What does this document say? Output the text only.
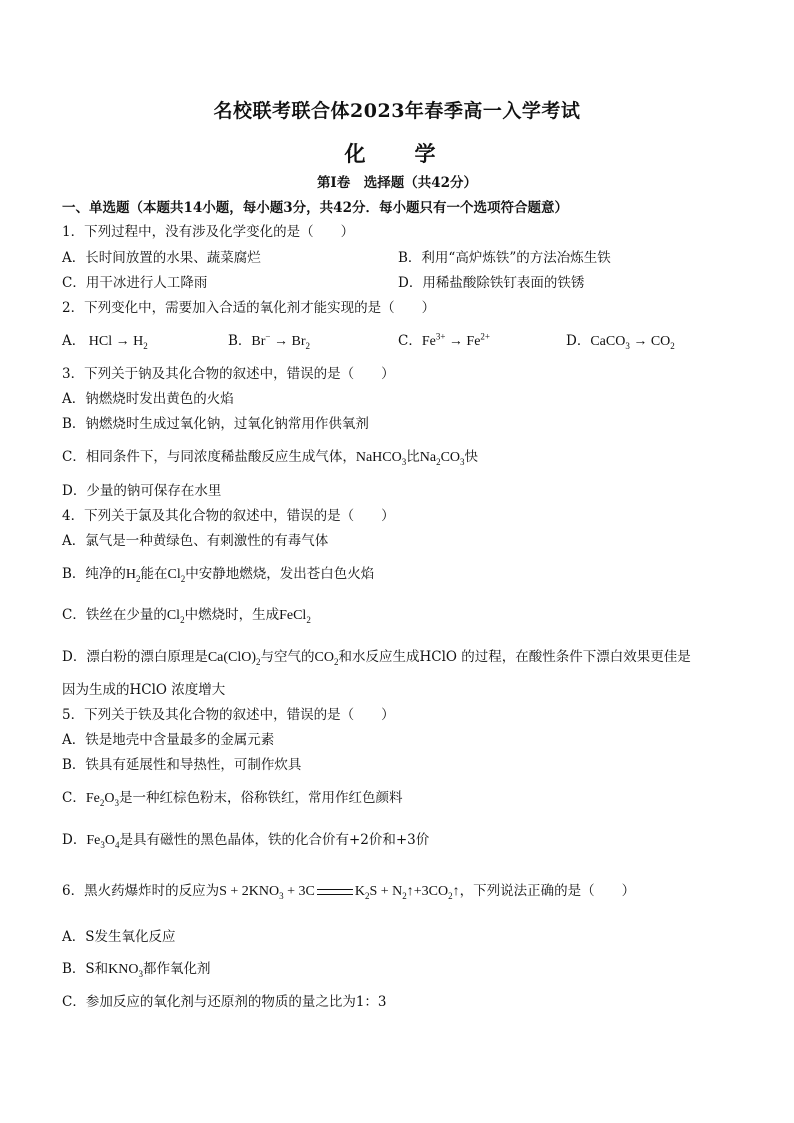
名校联考联合体2023年春季高一入学考试
化　学
第Ⅰ卷　选择题（共42分）
一、单选题（本题共14小题，每小题3分，共42分．每小题只有一个选项符合题意）
1．下列过程中，没有涉及化学变化的是（　　）
A．长时间放置的水果、蔬菜腐烂	B．利用“高炉炼铁”的方法冶炼生铁
C．用干冰进行人工降雨	D．用稀盐酸除铁钉表面的铁锈
2．下列变化中，需要加入合适的氧化剂才能实现的是（　　）
A． HCl → $H_2$	B．$Br^- \to Br_2$	C．$Fe^{3+} \to Fe^{2+}$	D．CaCO$_3$ → $CO_2$
3．下列关于钠及其化合物的叙述中，错误的是（　　）
A．钠燃烧时发出黄色的火焰
B．钠燃烧时生成过氧化钠，过氧化钠常用作供氧剂
C．相同条件下，与同浓度稀盐酸反应生成气体，NaHCO$_3$比$Na_2CO_3$快
D．少量的钠可保存在水里
4．下列关于氯及其化合物的叙述中，错误的是（　　）
A．氯气是一种黄绿色、有刺激性的有毒气体
B．纯净的$H_2$能在$Cl_2$中安静地燃烧，发出苍白色火焰
C．铁丝在少量的$Cl_2$中燃烧时，生成FeCl$_2$
D．漂白粉的漂白原理是$Ca(ClO)_2$与空气的$CO_2$和水反应生成HClO 的过程，在酸性条件下漂白效果更佳是
因为生成的HClO 浓度增大
5．下列关于铁及其化合物的叙述中，错误的是（　　）
A．铁是地壳中含量最多的金属元素
B．铁具有延展性和导热性，可制作炊具
C．$Fe_2O_3$是一种红棕色粉末，俗称铁红，常用作红色颜料
D．$Fe_3O_4$是具有磁性的黑色晶体，铁的化合价有+2价和+3价
6．黑火药爆炸时的反应为$S + 2KNO_3 + 3C$	$K_2S$ + $N_2↑+3CO_2↑$，下列说法正确的是（　　）
A．S发生氧化反应
B．S和$KNO_3$都作氧化剂
C．参加反应的氧化剂与还原剂的物质的量之比为1：3
